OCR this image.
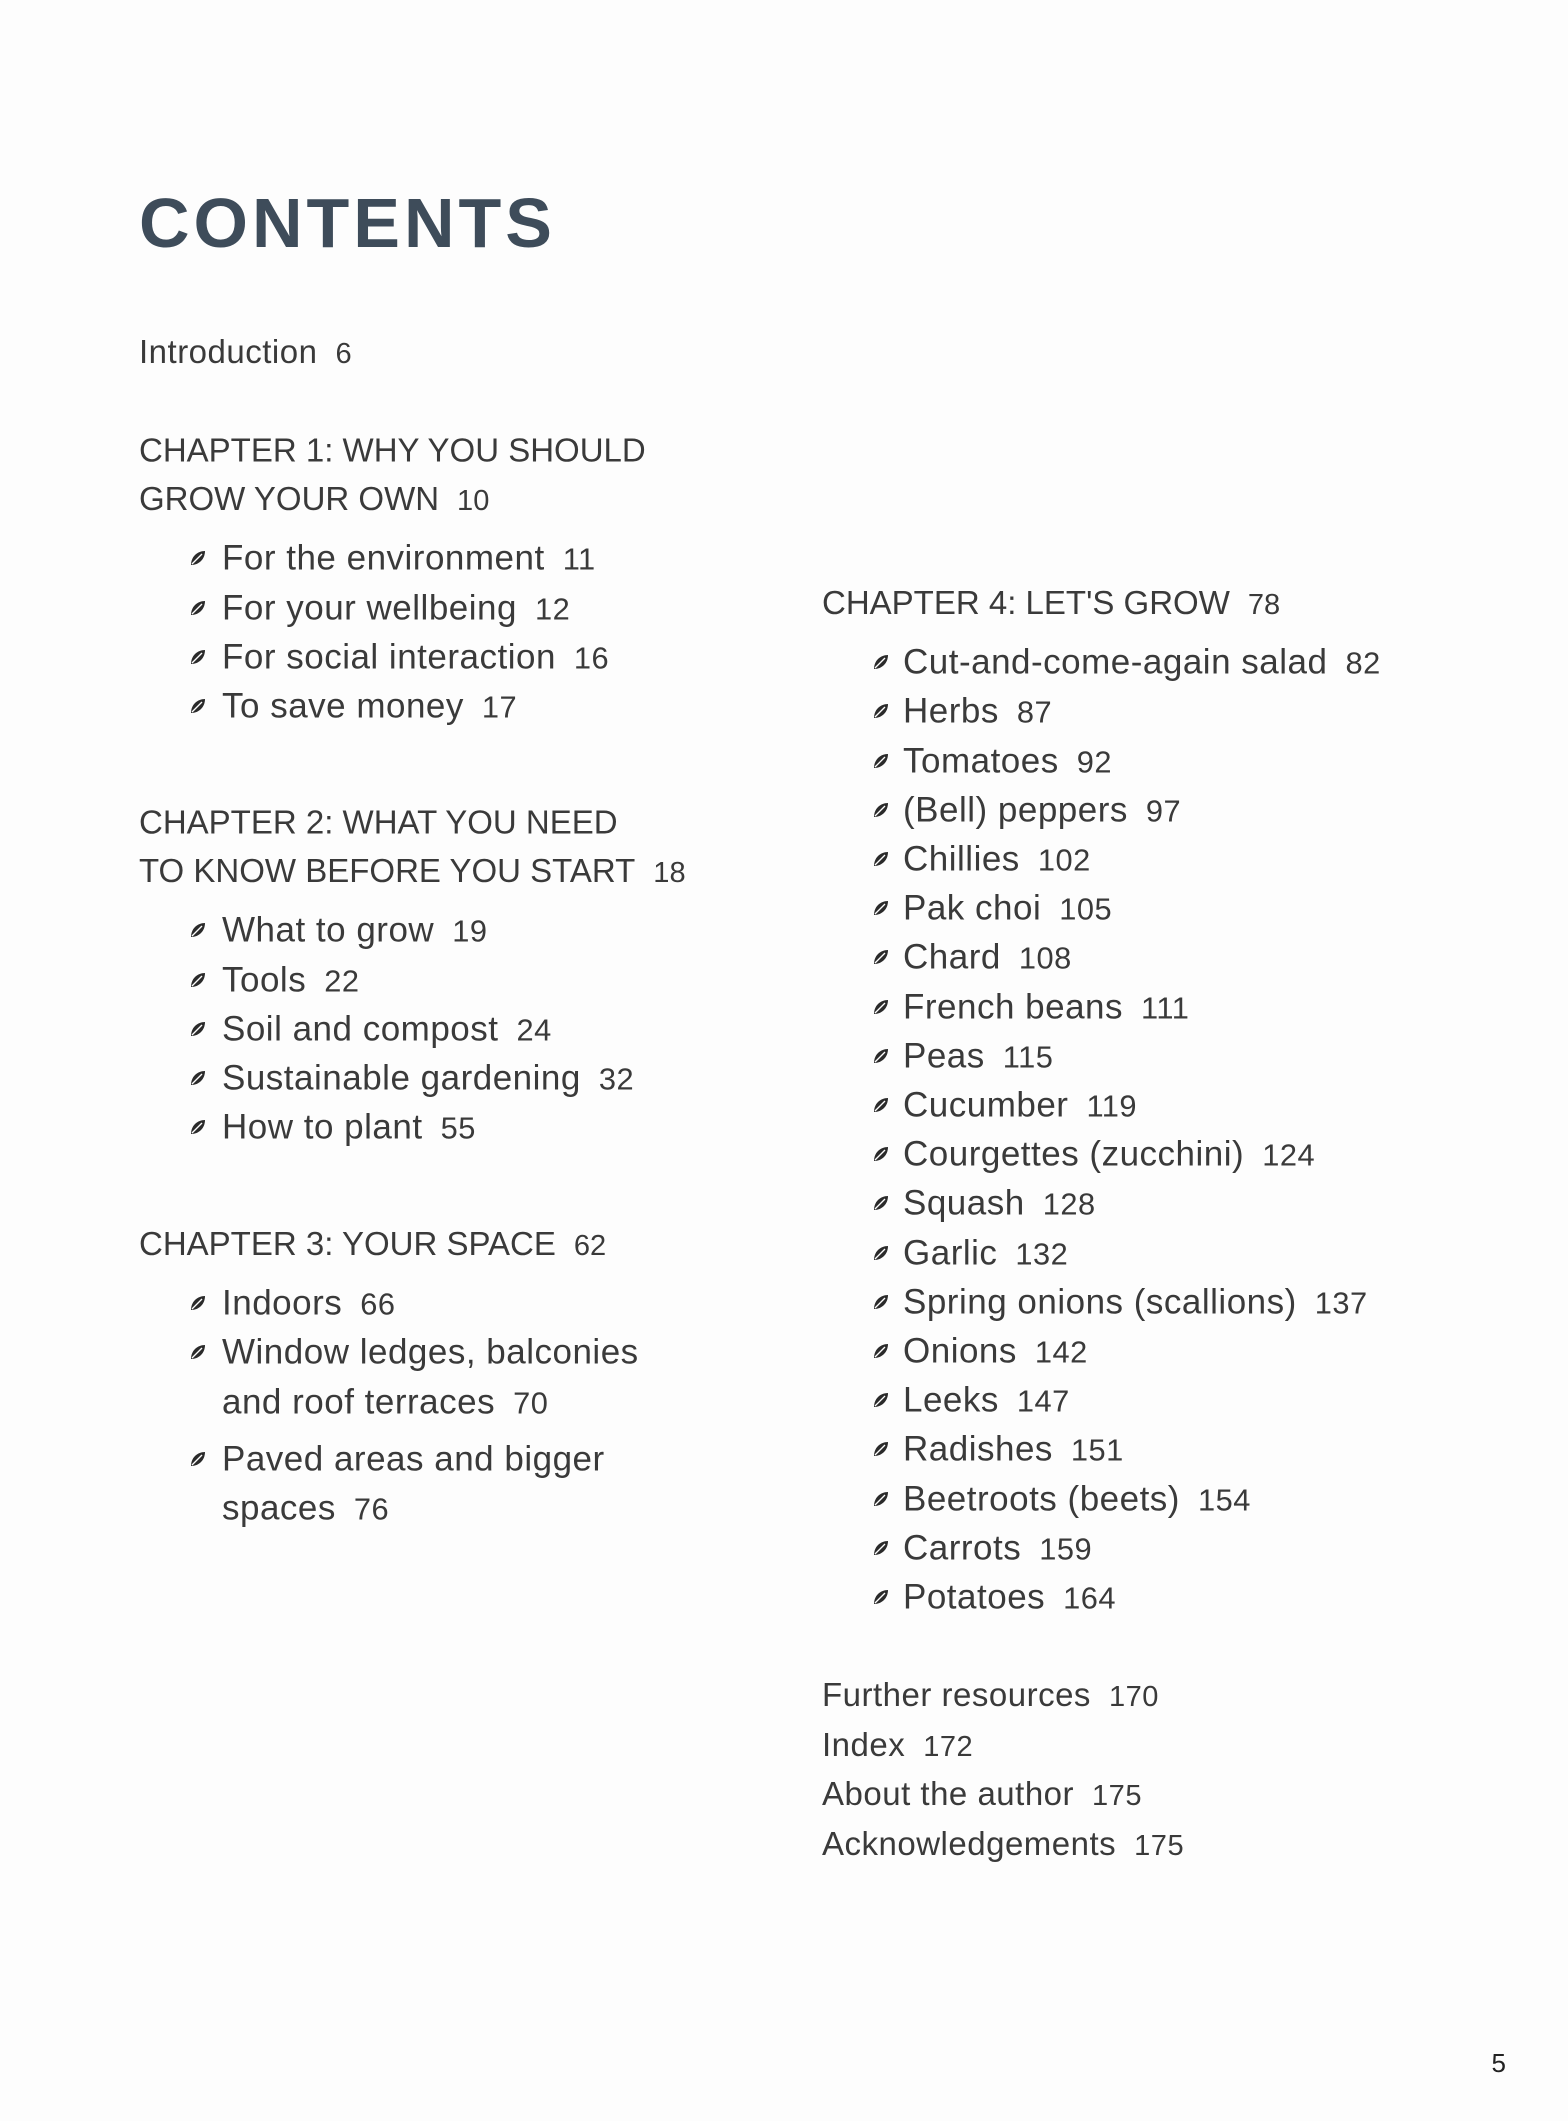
CONTENTS
Introduction 6
CHAPTER 1: WHY YOU SHOULD
GROW YOUR OWN 10
For the environment 11
For your wellbeing 12
For social interaction 16
To save money 17
CHAPTER 2: WHAT YOU NEED
TO KNOW BEFORE YOU START 18
What to grow 19
Tools 22
Soil and compost 24
Sustainable gardening 32
How to plant 55
CHAPTER 3: YOUR SPACE 62
Indoors 66
Window ledges, balconies
and roof terraces 70
Paved areas and bigger
spaces 76
CHAPTER 4: LET'S GROW 78
Cut-and-come-again salad 82
Herbs 87
Tomatoes 92
(Bell) peppers 97
Chillies 102
Pak choi 105
Chard 108
French beans 111
Peas 115
Cucumber 119
Courgettes (zucchini) 124
Squash 128
Garlic 132
Spring onions (scallions) 137
Onions 142
Leeks 147
Radishes 151
Beetroots (beets) 154
Carrots 159
Potatoes 164
Further resources 170
Index 172
About the author 175
Acknowledgements 175
5
